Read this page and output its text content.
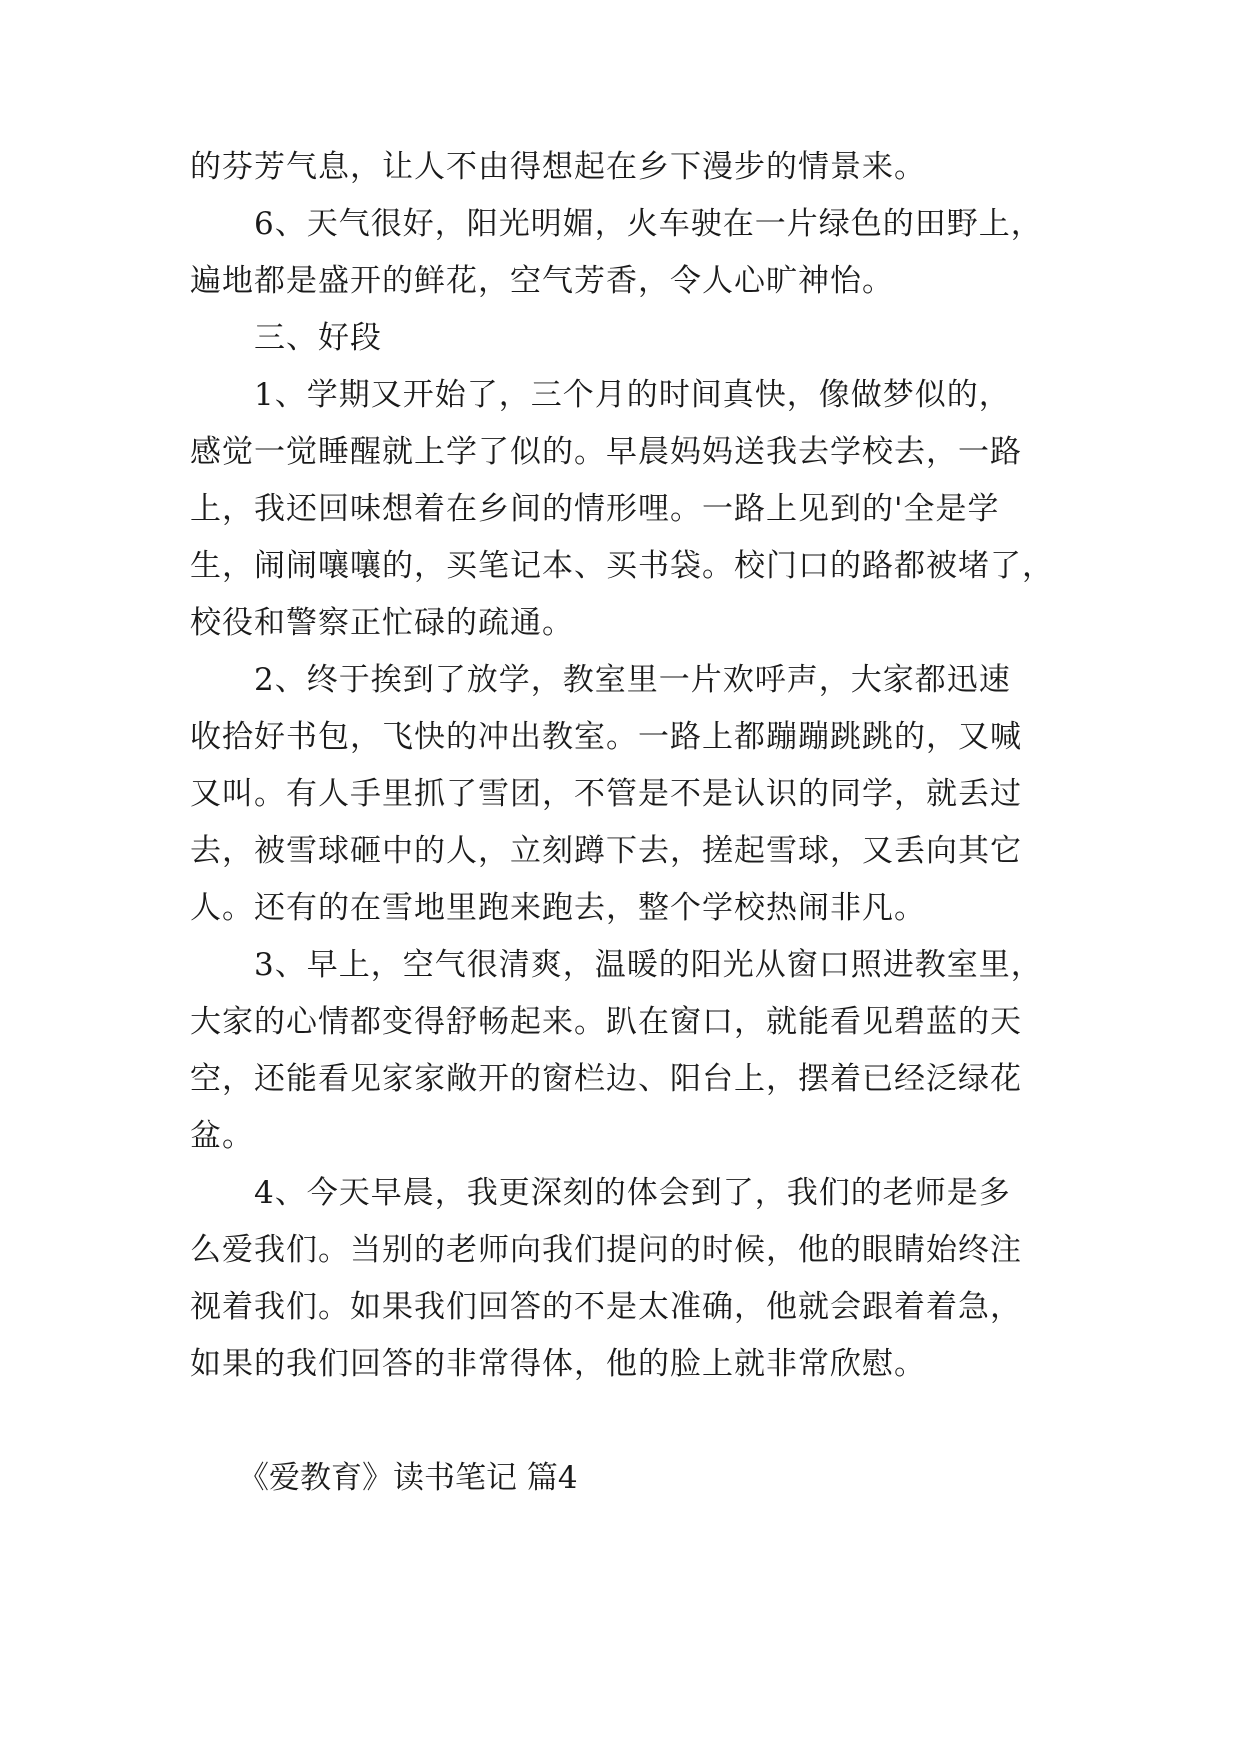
的芬芳气息，让人不由得想起在乡下漫步的情景来。
6、天气很好，阳光明媚，火车驶在一片绿色的田野上，
遍地都是盛开的鲜花，空气芳香，令人心旷神怡。
三、好段
1、学期又开始了，三个月的时间真快，像做梦似的，
感觉一觉睡醒就上学了似的。早晨妈妈送我去学校去，一路
上，我还回味想着在乡间的情形哩。一路上见到的'全是学
生，闹闹嚷嚷的，买笔记本、买书袋。校门口的路都被堵了，
校役和警察正忙碌的疏通。
2、终于挨到了放学，教室里一片欢呼声，大家都迅速
收拾好书包，飞快的冲出教室。一路上都蹦蹦跳跳的，又喊
又叫。有人手里抓了雪团，不管是不是认识的同学，就丢过
去，被雪球砸中的人，立刻蹲下去，搓起雪球，又丢向其它
人。还有的在雪地里跑来跑去，整个学校热闹非凡。
3、早上，空气很清爽，温暖的阳光从窗口照进教室里，
大家的心情都变得舒畅起来。趴在窗口，就能看见碧蓝的天
空，还能看见家家敞开的窗栏边、阳台上，摆着已经泛绿花
盆。
4、今天早晨，我更深刻的体会到了，我们的老师是多
么爱我们。当别的老师向我们提问的时候，他的眼睛始终注
视着我们。如果我们回答的不是太准确，他就会跟着着急，
如果的我们回答的非常得体，他的脸上就非常欣慰。
《爱教育》读书笔记 篇4
